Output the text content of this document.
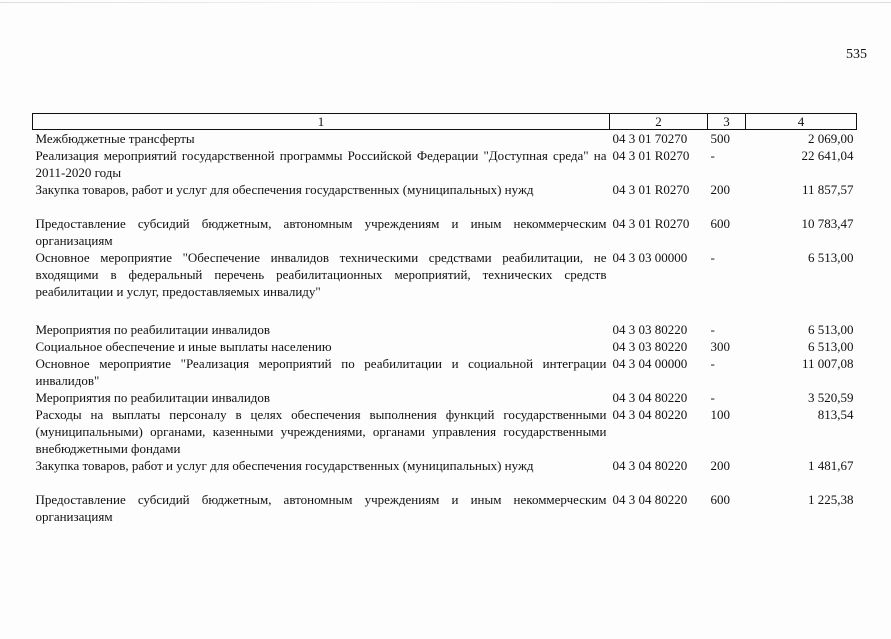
535
1	2	3	4
Межбюджетные трансферты	04 3 01 70270	500	2 069,00
Реализация мероприятий государственной программы Российской Федерации "Доступная среда" на 2011-2020 годы	04 3 01 R0270	-	22 641,04
Закупка товаров, работ и услуг для обеспечения государственных (муниципальных) нужд	04 3 01 R0270	200	11 857,57
Предоставление субсидий бюджетным, автономным учреждениям и иным некоммерческим организациям	04 3 01 R0270	600	10 783,47
Основное мероприятие "Обеспечение инвалидов техническими средствами реабилитации, не входящими в федеральный перечень реабилитационных мероприятий, технических средств реабилитации и услуг, предоставляемых инвалиду"	04 3 03 00000	-	6 513,00
Мероприятия по реабилитации инвалидов	04 3 03 80220	-	6 513,00
Социальное обеспечение и иные выплаты населению	04 3 03 80220	300	6 513,00
Основное мероприятие "Реализация мероприятий по реабилитации и социальной интеграции инвалидов"	04 3 04 00000	-	11 007,08
Мероприятия по реабилитации инвалидов	04 3 04 80220	-	3 520,59
Расходы на выплаты персоналу в целях обеспечения выполнения функций государственными (муниципальными) органами, казенными учреждениями, органами управления государственными внебюджетными фондами	04 3 04 80220	100	813,54
Закупка товаров, работ и услуг для обеспечения государственных (муниципальных) нужд	04 3 04 80220	200	1 481,67
Предоставление субсидий бюджетным, автономным учреждениям и иным некоммерческим организациям	04 3 04 80220	600	1 225,38
